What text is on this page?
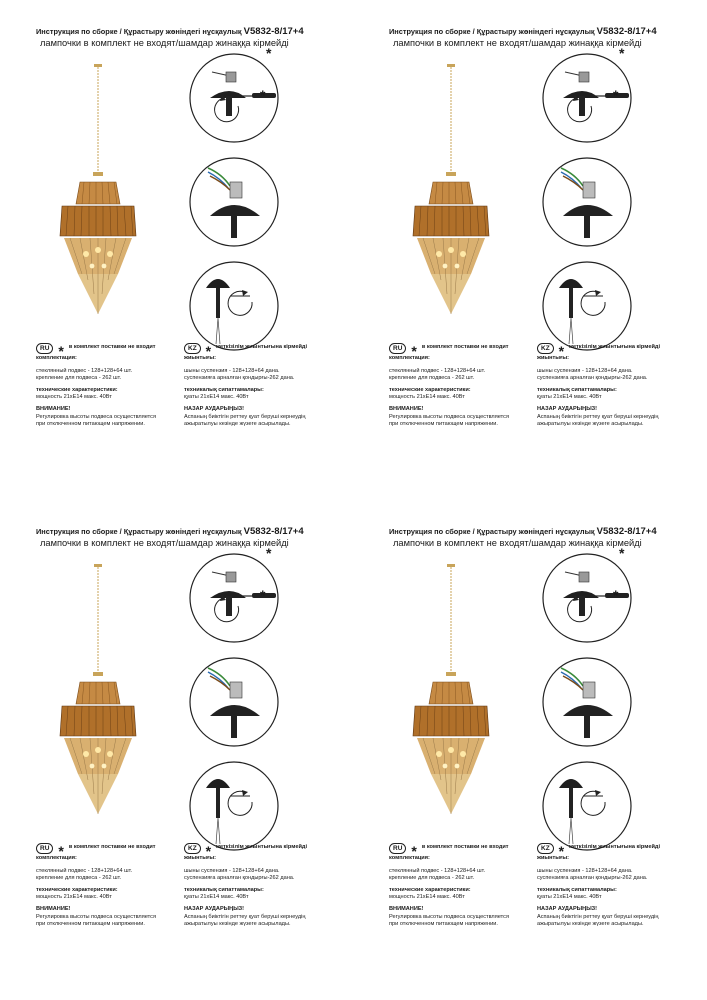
Инструкция по сборке / Құрастыру жөніндегі нұсқаулық V5832-8/17+4
лампочки в комплект не входят/шамдар жинаққа кірмейді
*
*
RU * в комплект поставки не входит
комплектация:
стеклянный подвес - 128+128+64 шт.
крепление для подвеса - 262 шт.
технические характеристики:
мощность 21xE14 макс. 40Вт
ВНИМАНИЕ!
Регулировка высоты подвеса осуществляется
при отключенном питающем напряжении.
KZ * жеткізілім жиынтығына кірмейді
жиынтығы:
шыны суспензия - 128+128+64 дана.
суспензияға арналған қондырғы-262 дана.
техникалық сипаттамалары:
қуаты 21xE14 макс. 40Вт
НАЗАР АУДАРЫҢЫЗ!
Аспаның биіктігін реттеу қуат беруші кернеудің
ажыратылуы кезінде жүзеге асырылады.
Инструкция по сборке / Құрастыру жөніндегі нұсқаулық V5832-8/17+4
лампочки в комплект не входят/шамдар жинаққа кірмейді
*
*
RU * в комплект поставки не входит
комплектация:
стеклянный подвес - 128+128+64 шт.
крепление для подвеса - 262 шт.
технические характеристики:
мощность 21xE14 макс. 40Вт
ВНИМАНИЕ!
Регулировка высоты подвеса осуществляется
при отключенном питающем напряжении.
KZ * жеткізілім жиынтығына кірмейді
жиынтығы:
шыны суспензия - 128+128+64 дана.
суспензияға арналған қондырғы-262 дана.
техникалық сипаттамалары:
қуаты 21xE14 макс. 40Вт
НАЗАР АУДАРЫҢЫЗ!
Аспаның биіктігін реттеу қуат беруші кернеудің
ажыратылуы кезінде жүзеге асырылады.
Инструкция по сборке / Құрастыру жөніндегі нұсқаулық V5832-8/17+4
лампочки в комплект не входят/шамдар жинаққа кірмейді
*
*
RU * в комплект поставки не входит
комплектация:
стеклянный подвес - 128+128+64 шт.
крепление для подвеса - 262 шт.
технические характеристики:
мощность 21xE14 макс. 40Вт
ВНИМАНИЕ!
Регулировка высоты подвеса осуществляется
при отключенном питающем напряжении.
KZ * жеткізілім жиынтығына кірмейді
жиынтығы:
шыны суспензия - 128+128+64 дана.
суспензияға арналған қондырғы-262 дана.
техникалық сипаттамалары:
қуаты 21xE14 макс. 40Вт
НАЗАР АУДАРЫҢЫЗ!
Аспаның биіктігін реттеу қуат беруші кернеудің
ажыратылуы кезінде жүзеге асырылады.
Инструкция по сборке / Құрастыру жөніндегі нұсқаулық V5832-8/17+4
лампочки в комплект не входят/шамдар жинаққа кірмейді
*
*
RU * в комплект поставки не входит
комплектация:
стеклянный подвес - 128+128+64 шт.
крепление для подвеса - 262 шт.
технические характеристики:
мощность 21xE14 макс. 40Вт
ВНИМАНИЕ!
Регулировка высоты подвеса осуществляется
при отключенном питающем напряжении.
KZ * жеткізілім жиынтығына кірмейді
жиынтығы:
шыны суспензия - 128+128+64 дана.
суспензияға арналған қондырғы-262 дана.
техникалық сипаттамалары:
қуаты 21xE14 макс. 40Вт
НАЗАР АУДАРЫҢЫЗ!
Аспаның биіктігін реттеу қуат беруші кернеудің
ажыратылуы кезінде жүзеге асырылады.
